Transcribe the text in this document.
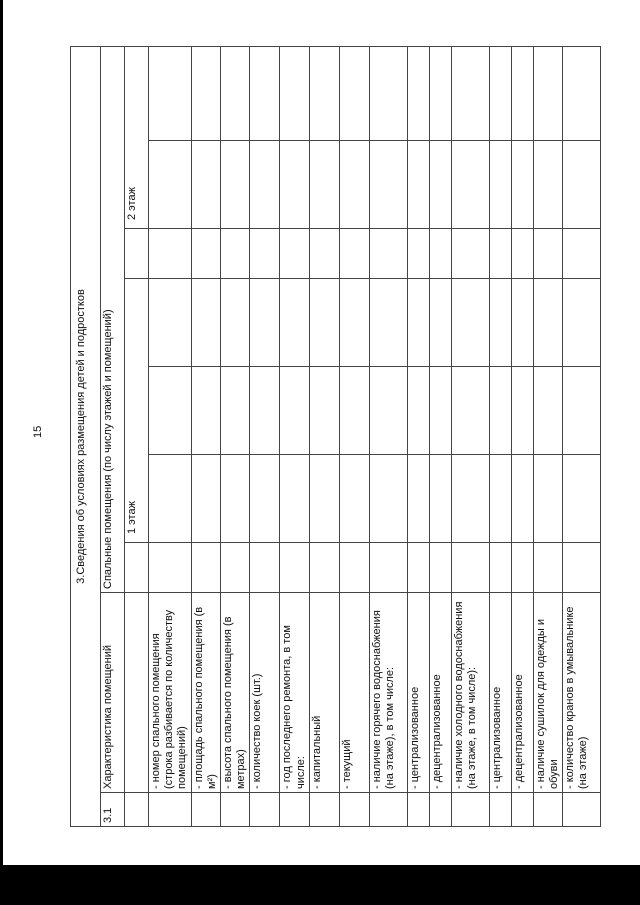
15	3.Сведения об условиях размещения детей и подростков								
3.1	Характеристика помещений	Спальные помещения (по числу этажей и помещений)						
			1 этаж				2 этаж	
	- номер спального помещения (строка разбивается по количеству помещений)							
	- площадь спального помещения (в м²)							
	- высота спального помещения (в метрах)							
	- количество коек (шт.)							
	- год последнего ремонта, в том числе:							
	- капитальный							
	- текущий							
	- наличие горячего водоснабжения (на этаже), в том числе:							
	- централизованное							
	- децентрализованное							
	- наличие холодного водоснабжения (на этаже, в том числе):							
	- централизованное							
	- децентрализованное							
	- наличие сушилок для одежды и обуви							
	- количество кранов в умывальнике (на этаже)							
